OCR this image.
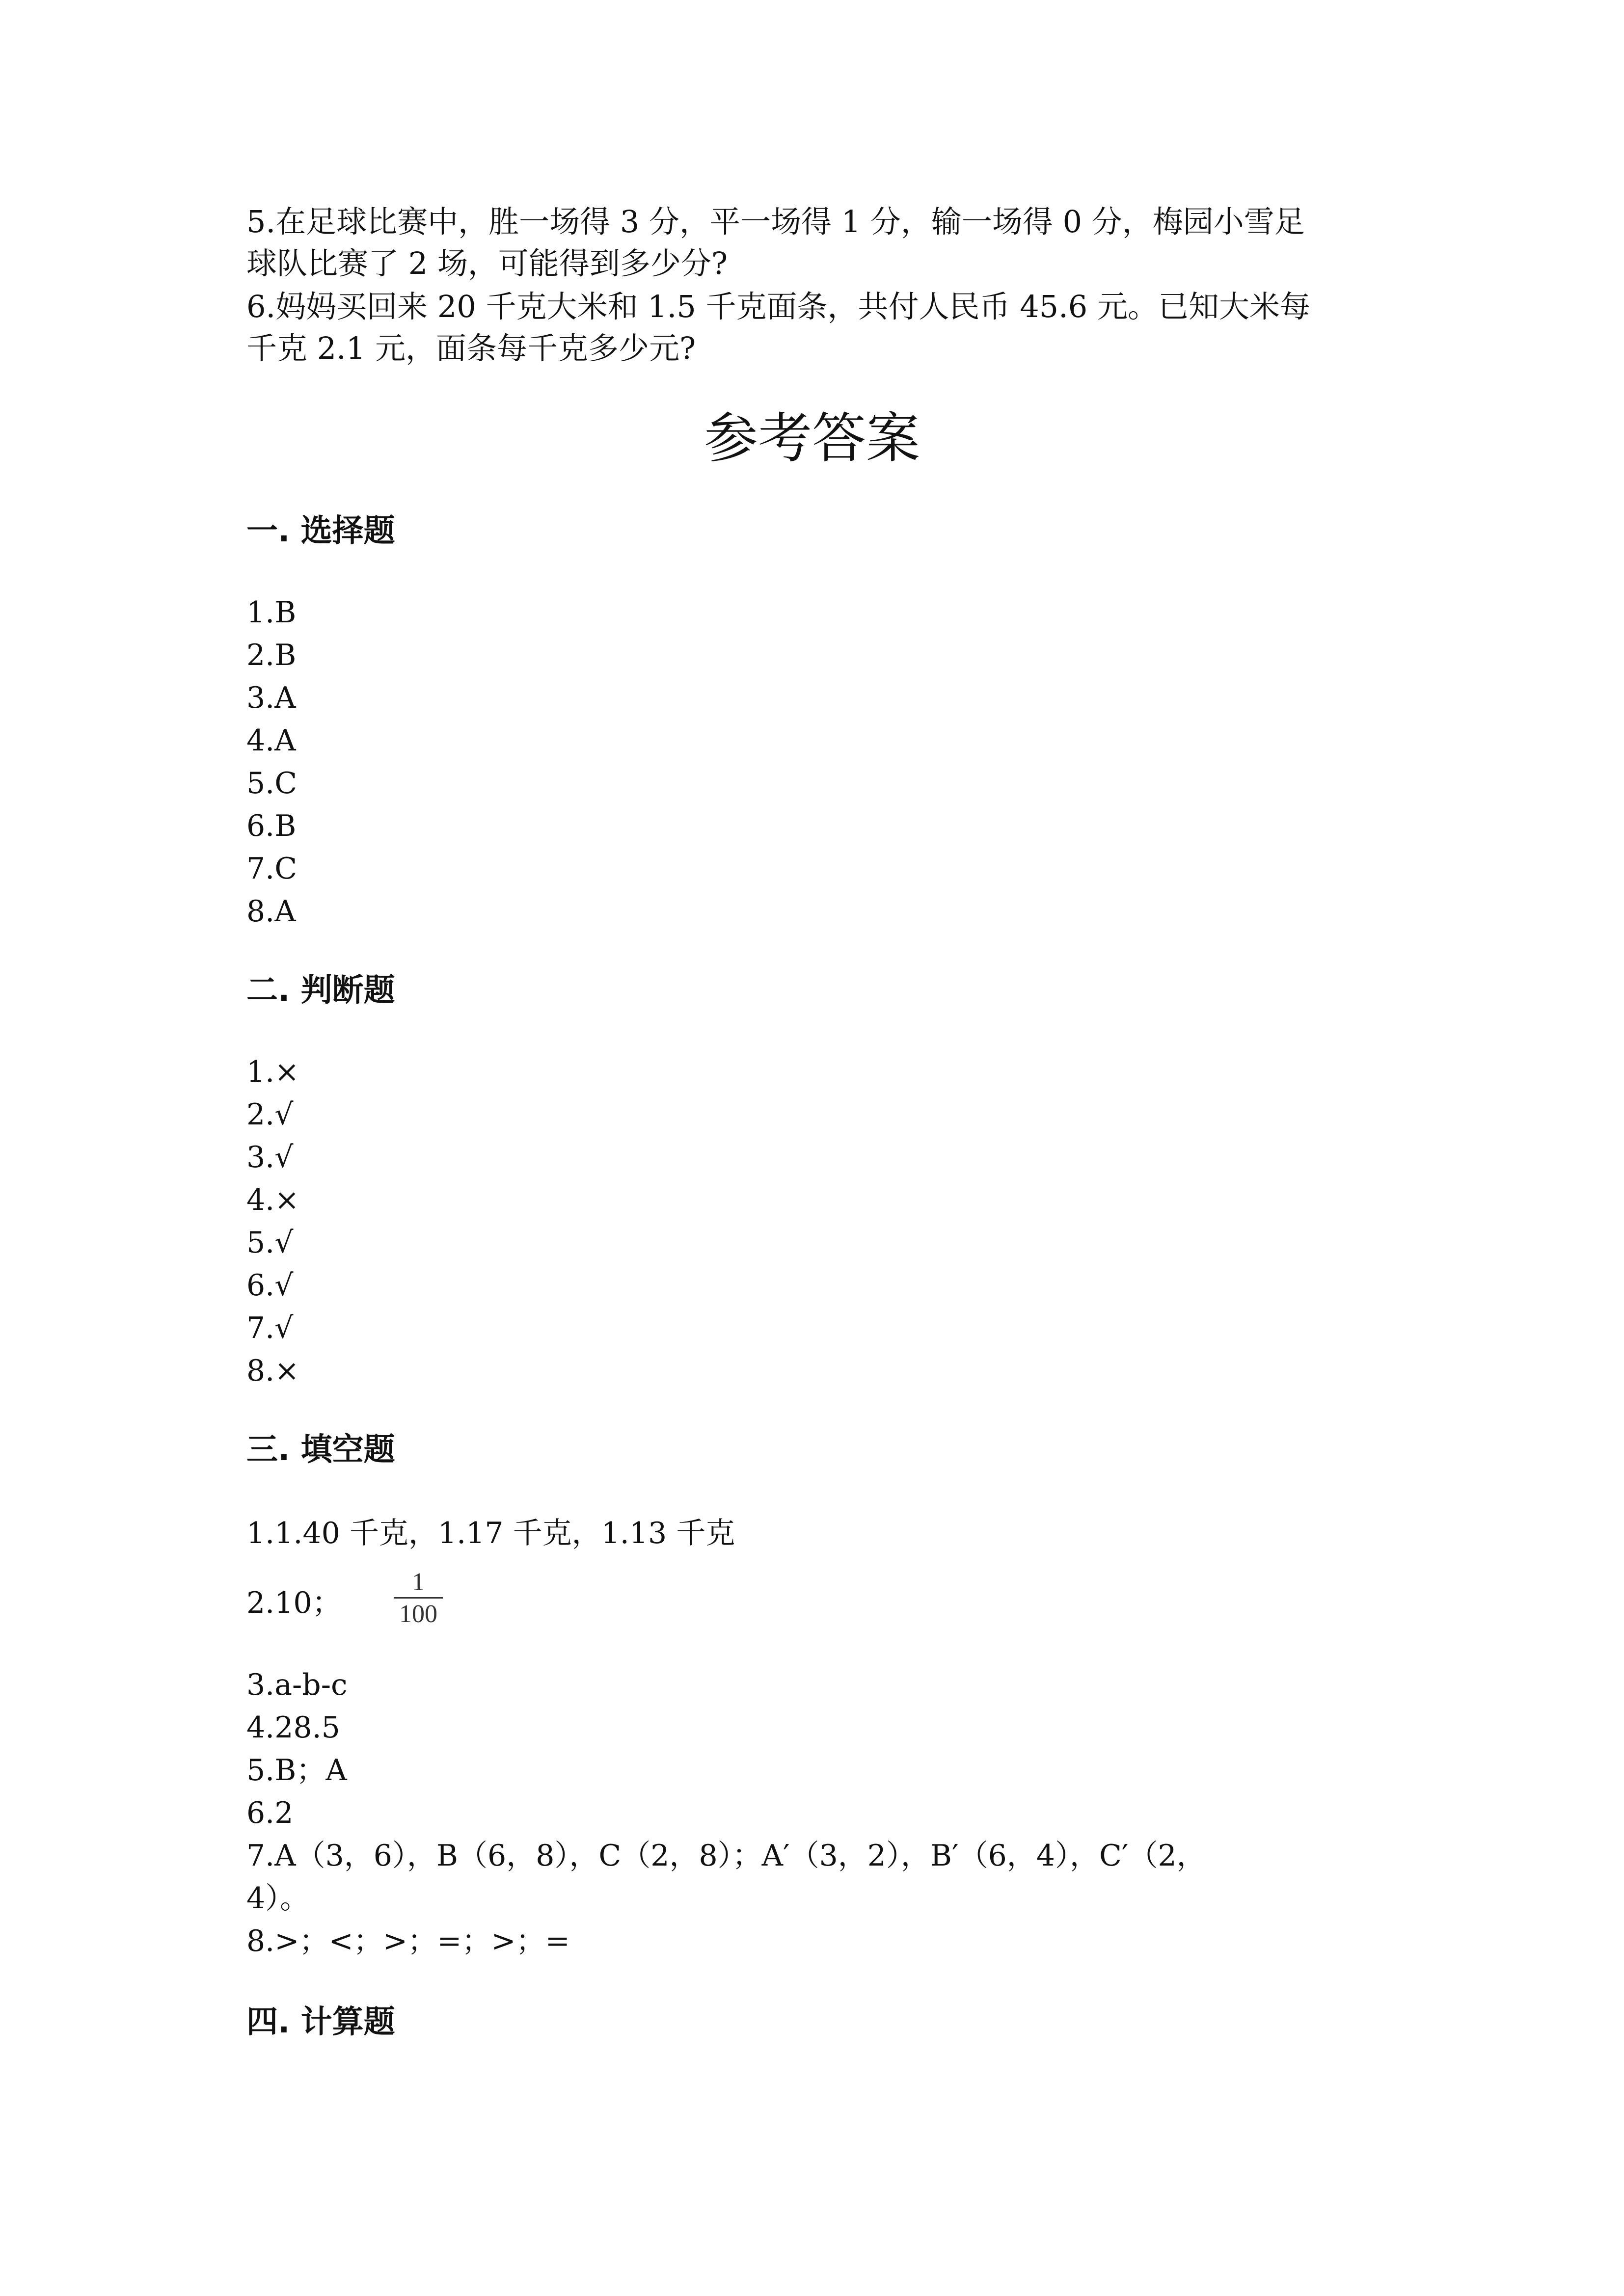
5.在足球比赛中，胜一场得 3 分，平一场得 1 分，输一场得 0 分，梅园小雪足
球队比赛了 2 场，可能得到多少分?
6.妈妈买回来 20 千克大米和 1.5 千克面条，共付人民币 45.6 元。已知大米每
千克 2.1 元，面条每千克多少元?
参考答案
一. 选择题
1.B
2.B
3.A
4.A
5.C
6.B
7.C
8.A
二. 判断题
1.×
2.√
3.√
4.×
5.√
6.√
7.√
8.×
三. 填空题
1.1.40 千克，1.17 千克，1.13 千克
2.10；
1
100
3.a-b-c
4.28.5
5.B；A
6.2
7.A（3，6），B（6，8），C（2，8）；A′（3，2），B′（6，4），C′（2，
4）。
8.>；<；>；=；>；=
四. 计算题
